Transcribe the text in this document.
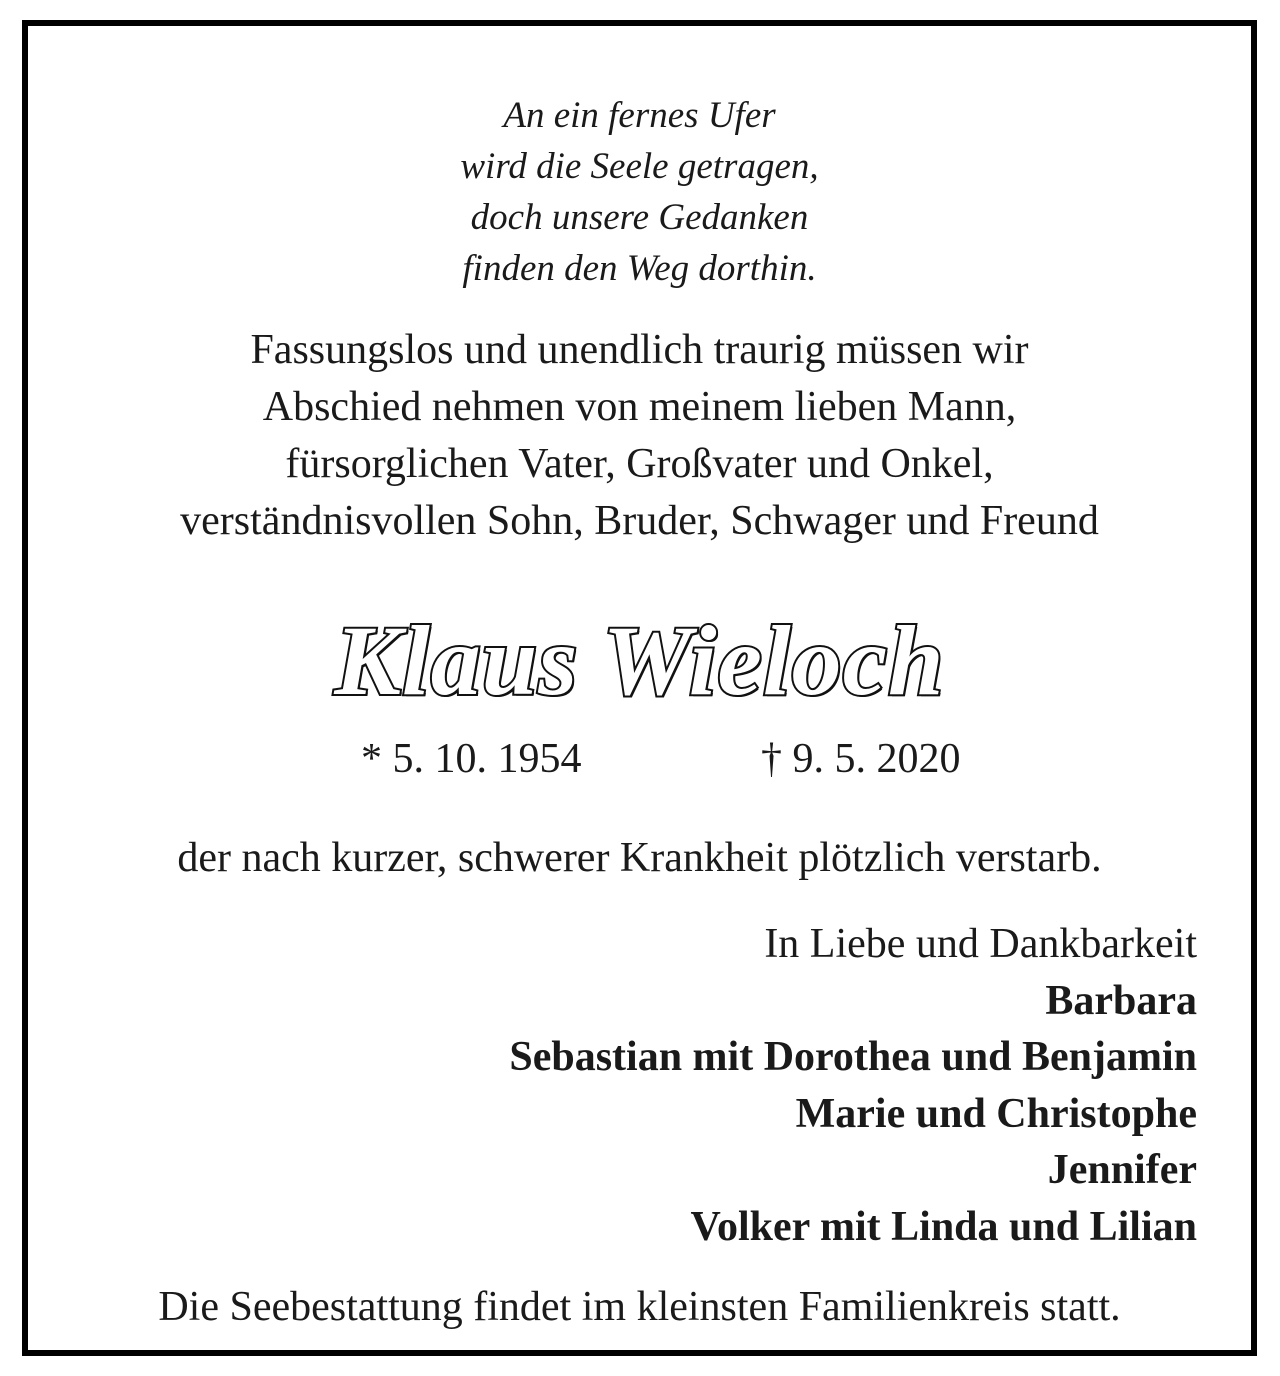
An ein fernes Ufer
wird die Seele getragen,
doch unsere Gedanken
finden den Weg dorthin.
Fassungslos und unendlich traurig müssen wir
Abschied nehmen von meinem lieben Mann,
fürsorglichen Vater, Großvater und Onkel,
verständnisvollen Sohn, Bruder, Schwager und Freund
Klaus Wieloch
* 5. 10. 1954	† 9. 5. 2020
der nach kurzer, schwerer Krankheit plötzlich verstarb.
In Liebe und Dankbarkeit
Barbara
Sebastian mit Dorothea und Benjamin
Marie und Christophe
Jennifer
Volker mit Linda und Lilian
Die Seebestattung findet im kleinsten Familienkreis statt.
